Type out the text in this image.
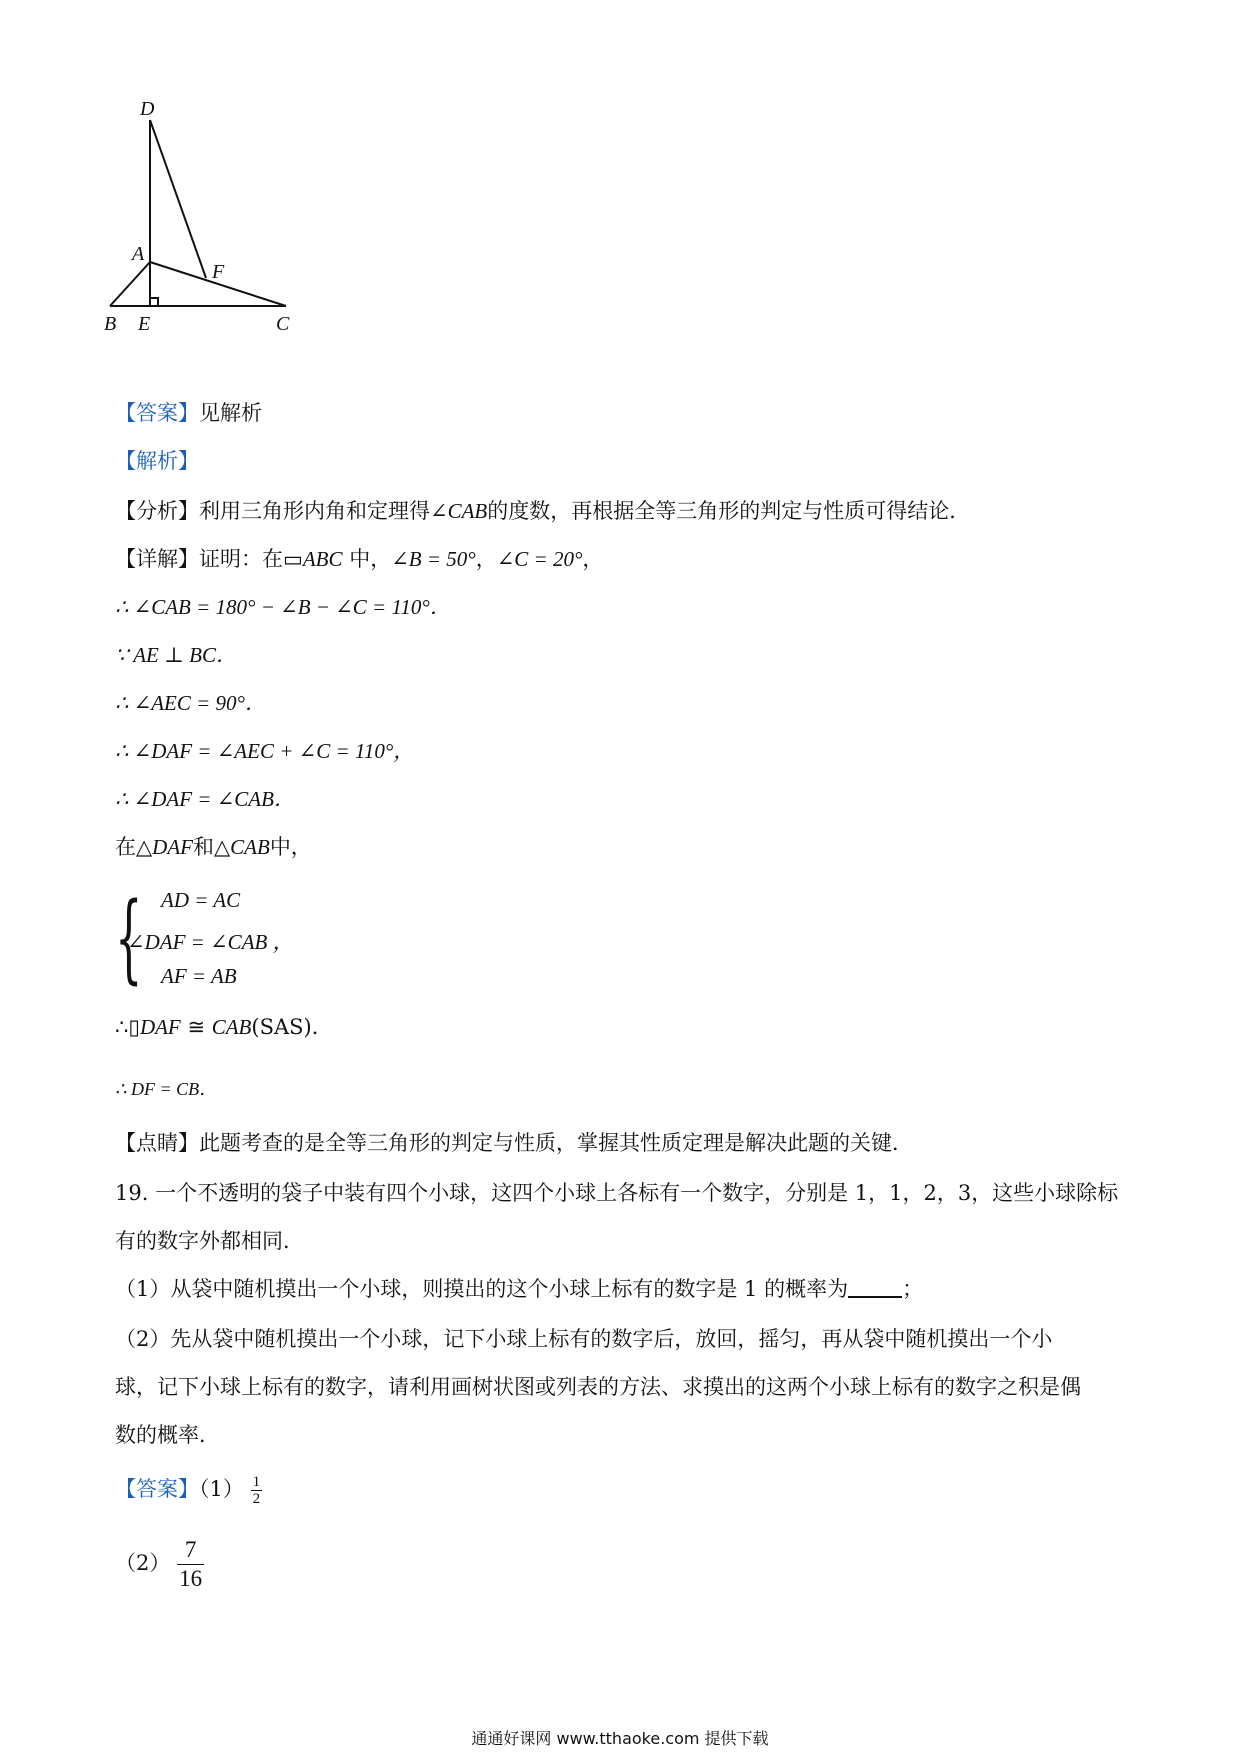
D
A
F
B E	C
【答案】见解析
【解析】
【分析】利用三角形内角和定理得∠CAB的度数，再根据全等三角形的判定与性质可得结论．
【详解】证明：在▭ABC 中，∠B = 50°，∠C = 20°，
∴ ∠CAB = 180° − ∠B − ∠C = 110°．
∵ AE ⊥ BC．
∴ ∠AEC = 90°．
∴ ∠DAF = ∠AEC + ∠C = 110°，
∴ ∠DAF = ∠CAB．
在△DAF和△CAB中，
{ AD = AC
∠DAF = ∠CAB ，
AF = AB
∴▯DAF ≅ CAB(SAS)．
∴ DF = CB．
【点睛】此题考查的是全等三角形的判定与性质，掌握其性质定理是解决此题的关键．
19. 一个不透明的袋子中装有四个小球，这四个小球上各标有一个数字，分别是 1，1，2，3，这些小球除标
有的数字外都相同．
（1）从袋中随机摸出一个小球，则摸出的这个小球上标有的数字是 1 的概率为	；
（2）先从袋中随机摸出一个小球，记下小球上标有的数字后，放回，摇匀，再从袋中随机摸出一个小
球，记下小球上标有的数字，请利用画树状图或列表的方法、求摸出的这两个小球上标有的数字之积是偶
数的概率．
【答案】$(1) \frac{1}{2}$
$(2) \frac{7}{16}$
通通好课网 www.tthaoke.com 提供下载
